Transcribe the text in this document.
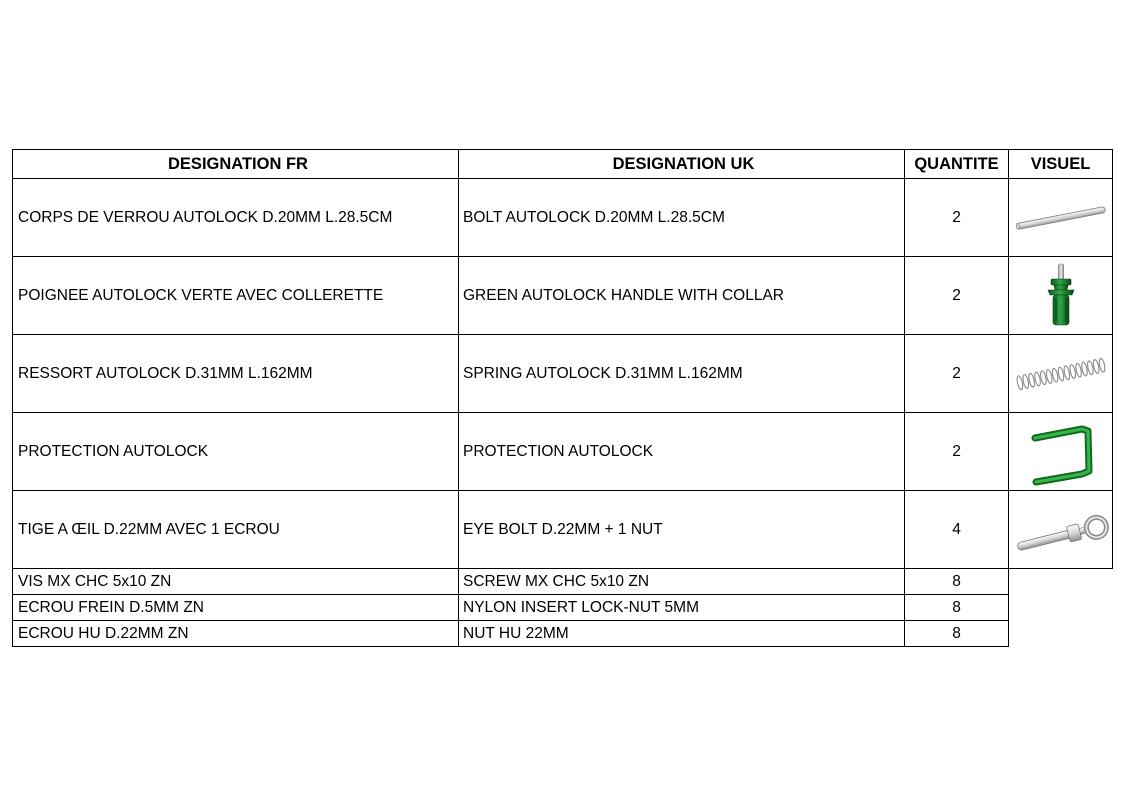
DESIGNATION FR	DESIGNATION UK	QUANTITE	VISUEL
CORPS DE VERROU AUTOLOCK D.20MM L.28.5CM	BOLT AUTOLOCK D.20MM L.28.5CM	2
POIGNEE AUTOLOCK VERTE AVEC COLLERETTE	GREEN AUTOLOCK HANDLE WITH COLLAR	2
RESSORT AUTOLOCK D.31MM L.162MM	SPRING AUTOLOCK D.31MM L.162MM	2
PROTECTION AUTOLOCK	PROTECTION AUTOLOCK	2
TIGE A ŒIL D.22MM AVEC 1 ECROU	EYE BOLT D.22MM + 1 NUT	4
VIS MX CHC 5x10 ZN	SCREW MX CHC 5x10 ZN	8
ECROU FREIN D.5MM ZN	NYLON INSERT LOCK-NUT 5MM	8
ECROU HU D.22MM ZN	NUT HU 22MM	8
